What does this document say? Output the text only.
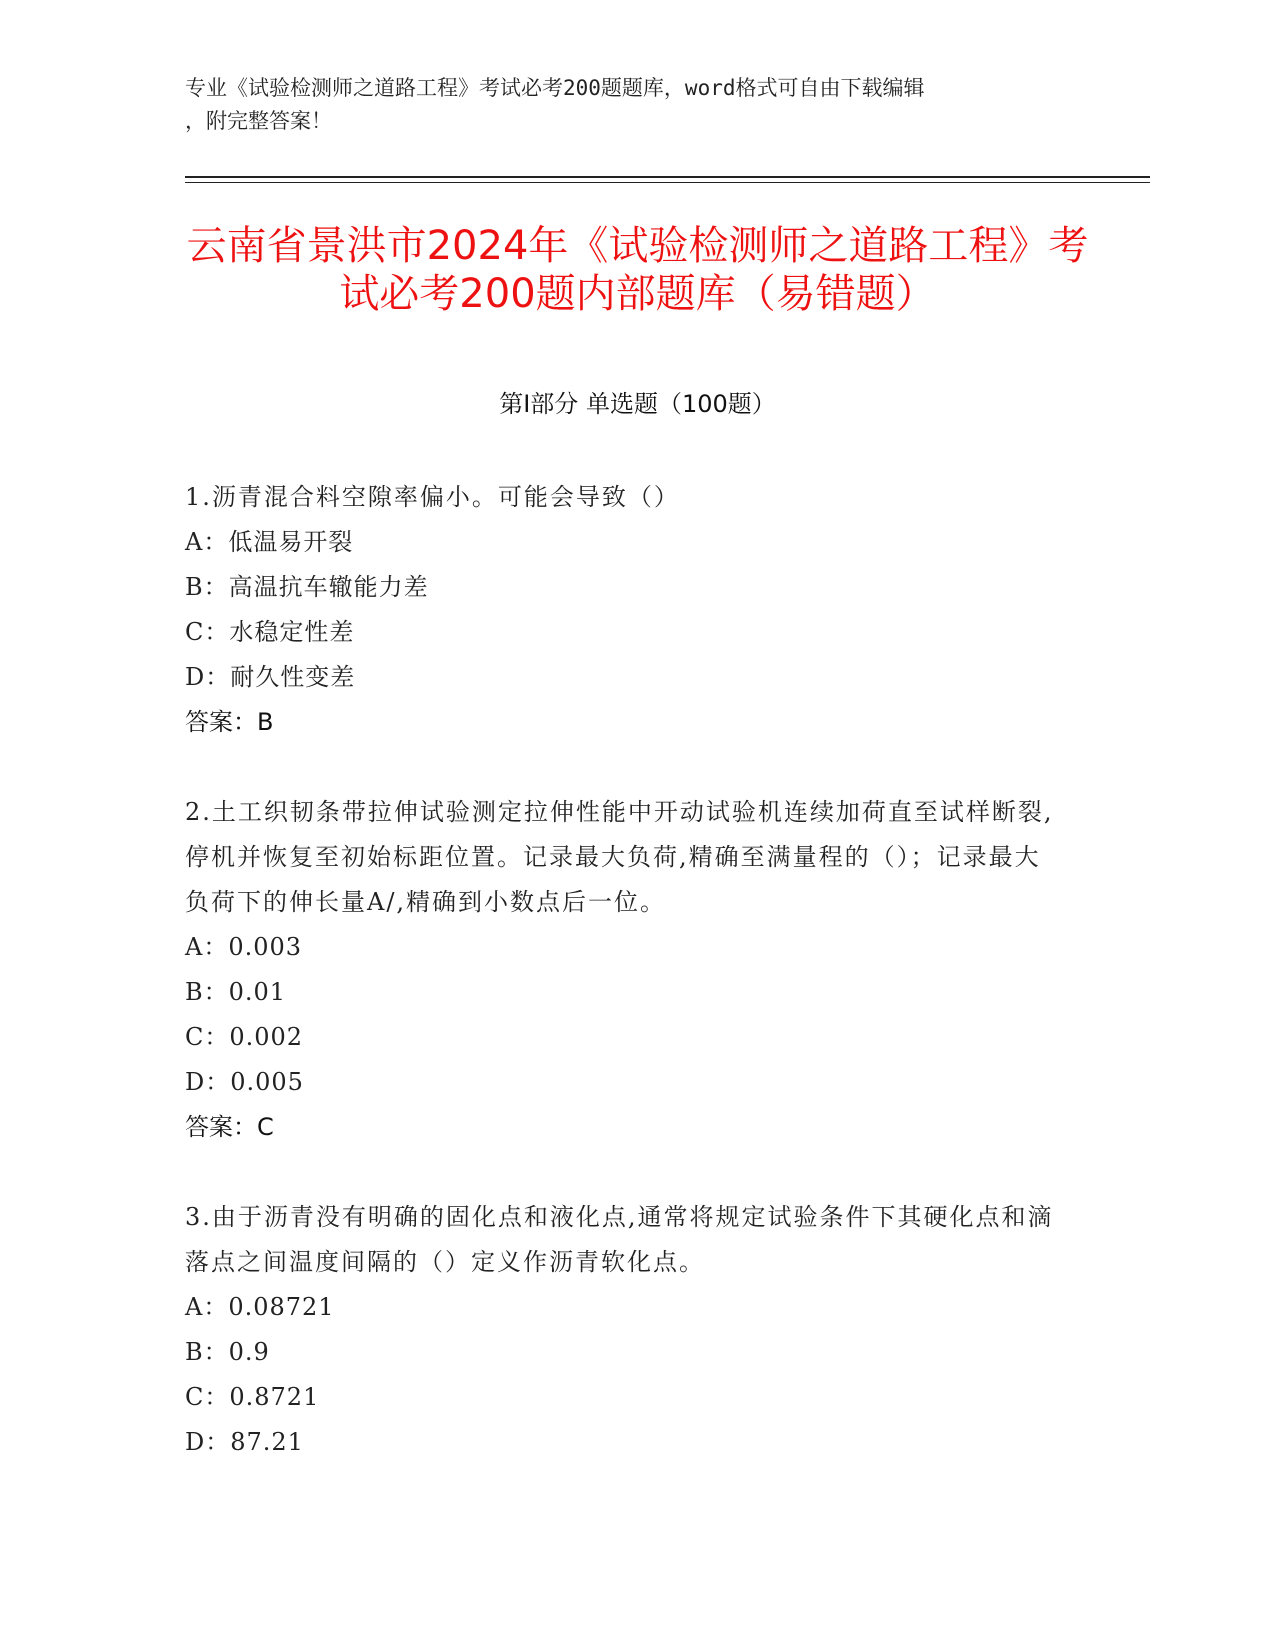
专业《试验检测师之道路工程》考试必考200题题库，word格式可自由下载编辑
，附完整答案！
云南省景洪市2024年《试验检测师之道路工程》考试必考200题内部题库（易错题）
第Ⅰ部分 单选题（100题）
1.沥青混合料空隙率偏小。可能会导致（）
A：低温易开裂
B：高温抗车辙能力差
C：水稳定性差
D：耐久性变差
答案：B
2.土工织韧条带拉伸试验测定拉伸性能中开动试验机连续加荷直至试样断裂,停机并恢复至初始标距位置。记录最大负荷,精确至满量程的（）；记录最大负荷下的伸长量A/,精确到小数点后一位。
A：0.003
B：0.01
C：0.002
D：0.005
答案：C
3.由于沥青没有明确的固化点和液化点,通常将规定试验条件下其硬化点和滴落点之间温度间隔的（）定义作沥青软化点。
A：0.08721
B：0.9
C：0.8721
D：87.21
